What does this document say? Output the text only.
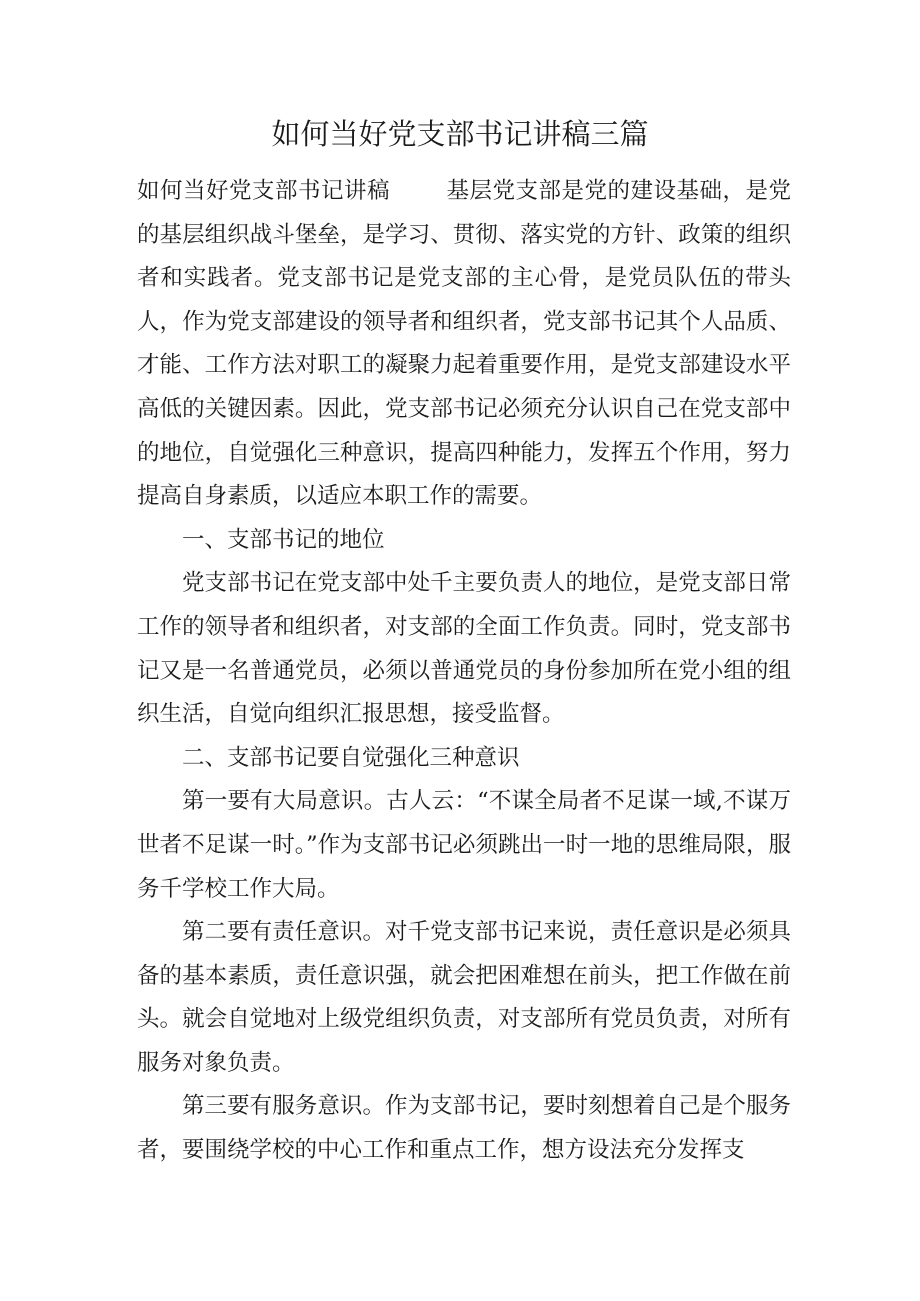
如何当好党支部书记讲稿三篇

如何当好党支部书记讲稿 基层党支部是党的建设基础，是党的基层组织战斗堡垒，是学习、贯彻、落实党的方针、政策的组织者和实践者。党支部书记是党支部的主心骨，是党员队伍的带头人，作为党支部建设的领导者和组织者，党支部书记其个人品质、才能、工作方法对职工的凝聚力起着重要作用，是党支部建设水平高低的关键因素。因此，党支部书记必须充分认识自己在党支部中的地位，自觉强化三种意识，提高四种能力，发挥五个作用，努力提高自身素质，以适应本职工作的需要。

一、支部书记的地位

党支部书记在党支部中处千主要负责人的地位，是党支部日常工作的领导者和组织者，对支部的全面工作负责。同时，党支部书记又是一名普通党员，必须以普通党员的身份参加所在党小组的组织生活，自觉向组织汇报思想，接受监督。

二、支部书记要自觉强化三种意识

第一要有大局意识。古人云：“不谋全局者不足谋一域,不谋万世者不足谋一时。”作为支部书记必须跳出一时一地的思维局限，服务千学校工作大局。

第二要有责任意识。对千党支部书记来说，责任意识是必须具备的基本素质，责任意识强，就会把困难想在前头，把工作做在前头。就会自觉地对上级党组织负责，对支部所有党员负责，对所有服务对象负责。

第三要有服务意识。作为支部书记，要时刻想着自己是个服务者，要围绕学校的中心工作和重点工作，想方设法充分发挥支
